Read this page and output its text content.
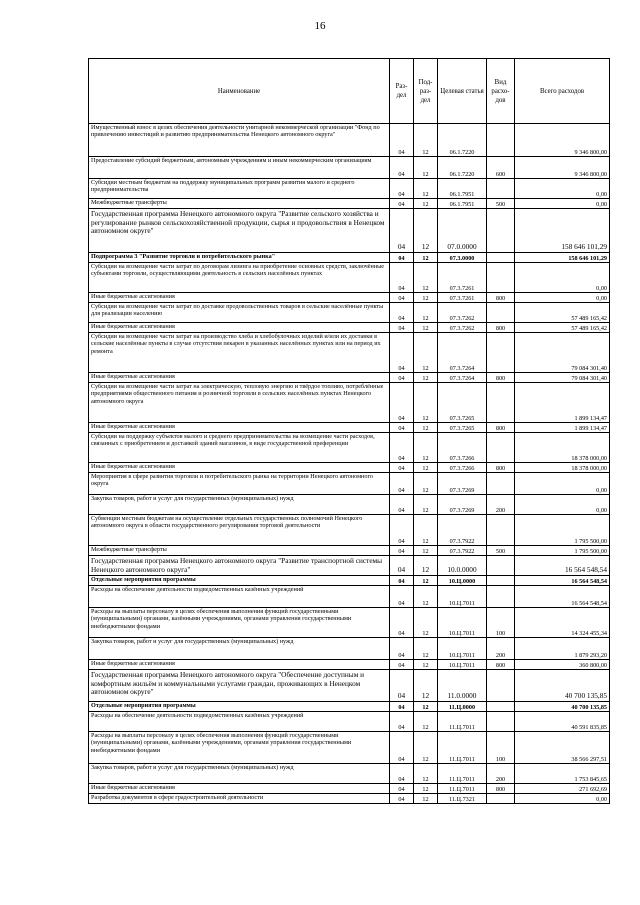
16
Наименование	Раз-дел	Под-раз-дел	Целевая статья	Вид расхо-дов	Всего расходов
Имущественный взнос в целях обеспечения деятельности унитарной некоммерческой организации "Фонд по привлечению инвестиций и развитию предпринимательства Ненецкого автономного округа"	04	12	06.1.7220		9 346 800,00
Предоставление субсидий бюджетным, автономным учреждениям и иным некоммерческим организациям	04	12	06.1.7220	600	9 346 800,00
Субсидии местным бюджетам на поддержку муниципальных программ развития малого и среднего предпринимательства	04	12	06.1.7951		0,00
Межбюджетные трансферты	04	12	06.1.7951	500	0,00
Государственная программа Ненецкого автономного округа "Развитие сельского хозяйства и регулирование рынков сельскохозяйственной продукции, сырья и продовольствия в Ненецком автономном округе"	04	12	07.0.0000		158 646 101,29
Подпрограмма 3 "Развитие торговли и потребительского рынка"	04	12	07.3.0000		158 646 101,29
Субсидии на возмещение части затрат по договорам лизинга на приобретение основных средств, заключённые субъектами торговли, осуществляющими деятельность в сельских населённых пунктах	04	12	07.3.7261		0,00
Иные бюджетные ассигнования	04	12	07.3.7261	800	0,00
Субсидии на возмещение части затрат по доставке продовольственных товаров в сельские населённые пункты для реализации населению	04	12	07.3.7262		57 489 165,42
Иные бюджетные ассигнования	04	12	07.3.7262	800	57 489 165,42
Субсидии на возмещение части затрат на производство хлеба и хлебобулочных изделий и/или их доставки в сельские населённые пункты в случае отсутствия пекарен в указанных населённых пунктах или на период их ремонта	04	12	07.3.7264		79 084 301,40
Иные бюджетные ассигнования	04	12	07.3.7264	800	79 084 301,40
Субсидии на возмещение части затрат на электрическую, тепловую энергию и твёрдое топливо, потреблённые предприятиями общественного питания и розничной торговли в сельских населённых пунктах Ненецкого автономного округа	04	12	07.3.7265		1 899 134,47
Иные бюджетные ассигнования	04	12	07.3.7265	800	1 899 134,47
Субсидии на поддержку субъектов малого и среднего предпринимательства на возмещение части расходов, связанных с приобретением и доставкой зданий магазинов, в виде государственной преференции	04	12	07.3.7266		18 378 000,00
Иные бюджетные ассигнования	04	12	07.3.7266	800	18 378 000,00
Мероприятия в сфере развития торговли и потребительского рынка на территории Ненецкого автономного округа	04	12	07.3.7269		0,00
Закупка товаров, работ и услуг для государственных (муниципальных) нужд	04	12	07.3.7269	200	0,00
Субвенции местным бюджетам на осуществление отдельных государственных полномочий Ненецкого автономного округа в области государственного регулирования торговой деятельности	04	12	07.3.7922		1 795 500,00
Межбюджетные трансферты	04	12	07.3.7922	500	1 795 500,00
Государственная программа Ненецкого автономного округа "Развитие транспортной системы Ненецкого автономного округа"	04	12	10.0.0000		16 564 548,54
Отдельные мероприятия программы	04	12	10.Ц.0000		16 564 548,54
Расходы на обеспечение деятельности подведомственных казённых учреждений	04	12	10.Ц.7011		16 564 548,54
Расходы на выплаты персоналу в целях обеспечения выполнения функций государственными (муниципальными) органами, казёнными учреждениями, органами управления государственными внебюджетными фондами	04	12	10.Ц.7011	100	14 324 455,34
Закупка товаров, работ и услуг для государственных (муниципальных) нужд	04	12	10.Ц.7011	200	1 879 293,20
Иные бюджетные ассигнования	04	12	10.Ц.7011	800	360 800,00
Государственная программа Ненецкого автономного округа "Обеспечение доступным и комфортным жильём и коммунальными услугами граждан, проживающих в Ненецком автономном округе"	04	12	11.0.0000		40 700 135,85
Отдельные мероприятия программы	04	12	11.Ц.0000		40 700 135,85
Расходы на обеспечение деятельности подведомственных казённых учреждений	04	12	11.Ц.7011		40 591 835,85
Расходы на выплаты персоналу в целях обеспечения выполнения функций государственными (муниципальными) органами, казёнными учреждениями, органами управления государственными внебюджетными фондами	04	12	11.Ц.7011	100	38 566 297,51
Закупка товаров, работ и услуг для государственных (муниципальных) нужд	04	12	11.Ц.7011	200	1 753 845,65
Иные бюджетные ассигнования	04	12	11.Ц.7011	800	271 692,69
Разработка документов в сфере градостроительной деятельности	04	12	11.Ц.7321		0,00
